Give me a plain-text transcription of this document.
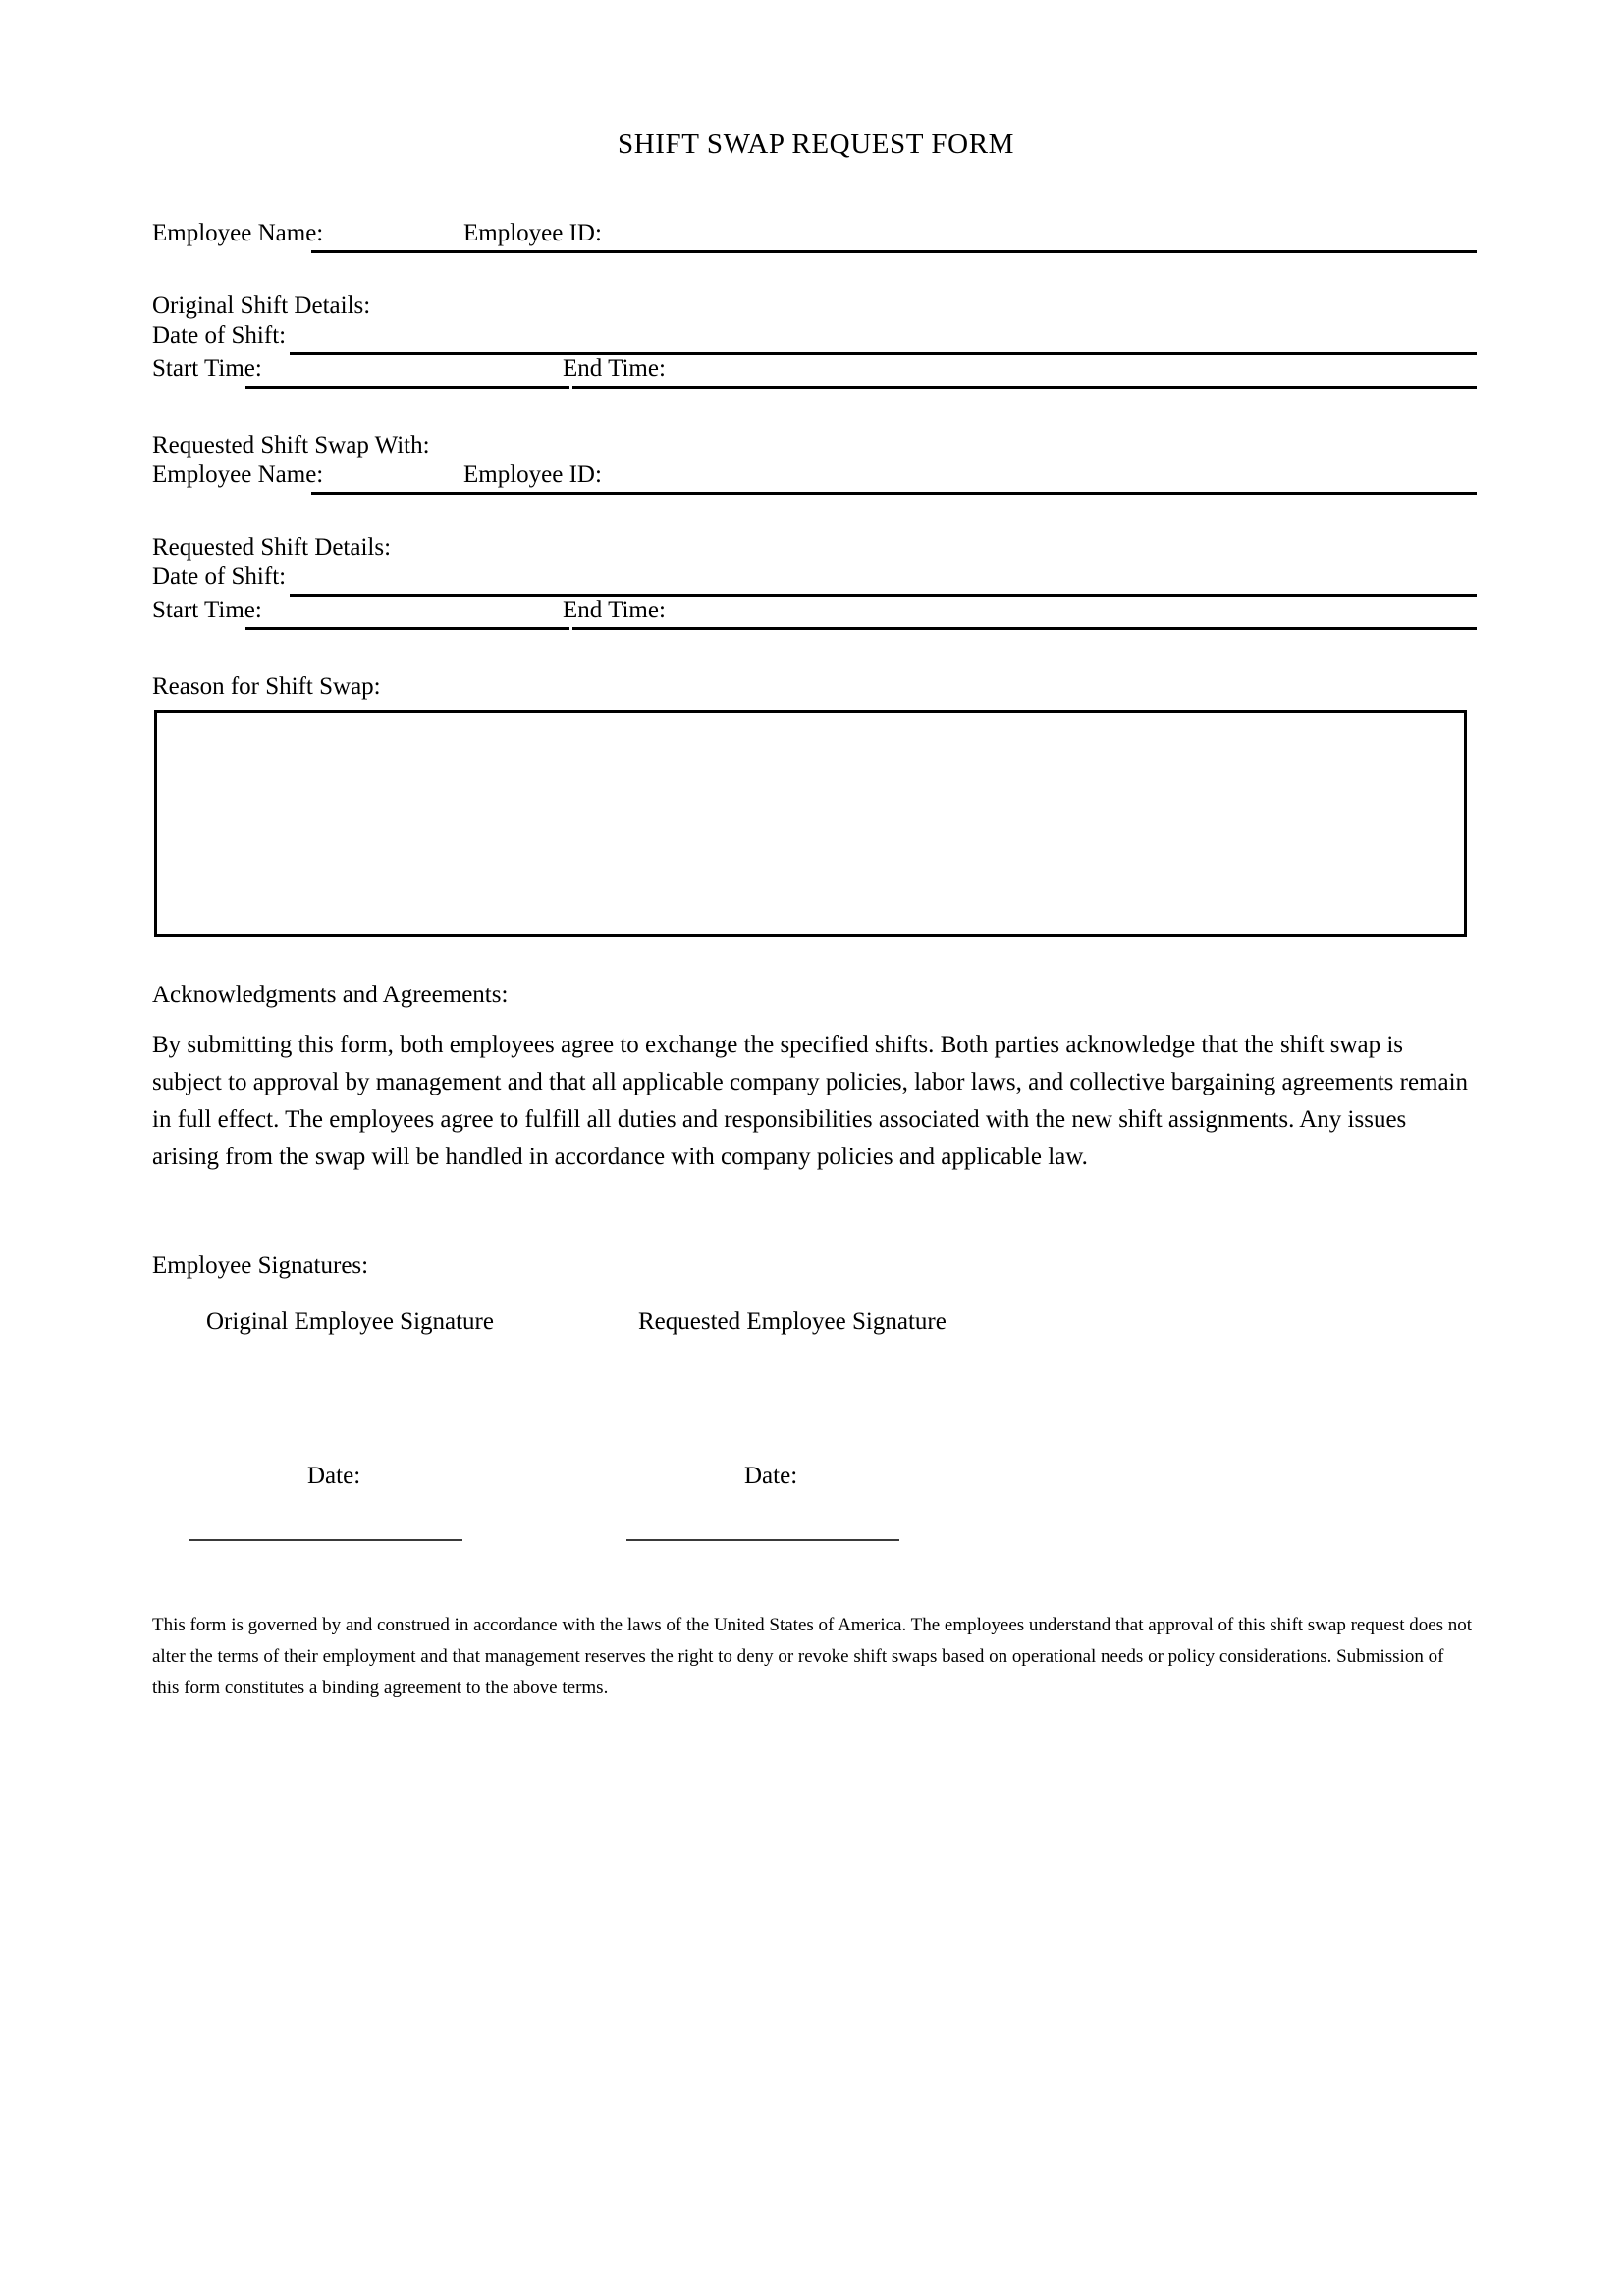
SHIFT SWAP REQUEST FORM
Employee Name:	Employee ID:
Original Shift Details:
Date of Shift:
Start Time:	End Time:
Requested Shift Swap With:
Employee Name:	Employee ID:
Requested Shift Details:
Date of Shift:
Start Time:	End Time:
Reason for Shift Swap:
Acknowledgments and Agreements:

By submitting this form, both employees agree to exchange the specified shifts. Both parties acknowledge that the shift swap is subject to approval by management and that all applicable company policies, labor laws, and collective bargaining agreements remain in full effect. The employees agree to fulfill all duties and responsibilities associated with the new shift assignments. Any issues arising from the swap will be handled in accordance with company policies and applicable law.

Employee Signatures:
Original Employee Signature	Requested Employee Signature
Date:	Date:

This form is governed by and construed in accordance with the laws of the United States of America. The employees understand that approval of this shift swap request does not alter the terms of their employment and that management reserves the right to deny or revoke shift swaps based on operational needs or policy considerations. Submission of this form constitutes a binding agreement to the above terms.
